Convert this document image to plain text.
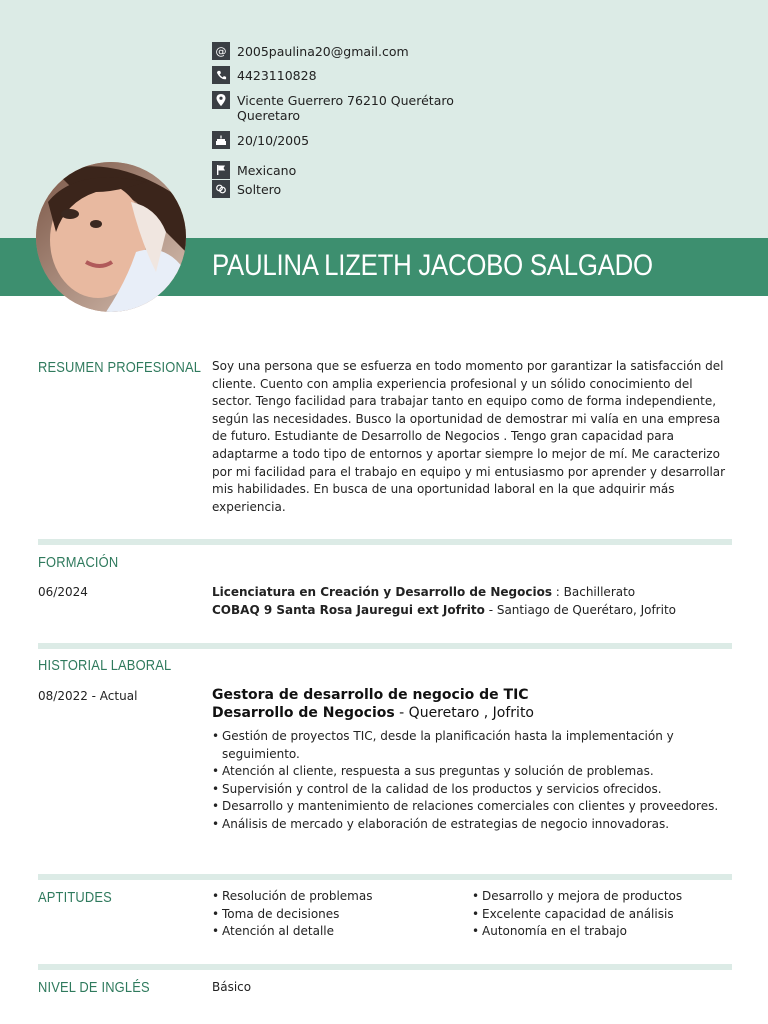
@ 2005paulina20@gmail.com
4423110828
Vicente Guerrero 76210 Querétaro
Queretaro
20/10/2005
Mexicano
Soltero
PAULINA LIZETH JACOBO SALGADO
RESUMEN PROFESIONAL Soy una persona que se esfuerza en todo momento por garantizar la satisfacción del cliente. Cuento con amplia experiencia profesional y un sólido conocimiento del sector. Tengo facilidad para trabajar tanto en equipo como de forma independiente, según las necesidades. Busco la oportunidad de demostrar mi valía en una empresa de futuro. Estudiante de Desarrollo de Negocios . Tengo gran capacidad para adaptarme a todo tipo de entornos y aportar siempre lo mejor de mí. Me caracterizo por mi facilidad para el trabajo en equipo y mi entusiasmo por aprender y desarrollar mis habilidades. En busca de una oportunidad laboral en la que adquirir más experiencia.
FORMACIÓN
06/2024	Licenciatura en Creación y Desarrollo de Negocios : Bachillerato
COBAQ 9 Santa Rosa Jauregui ext Jofrito - Santiago de Querétaro, Jofrito
HISTORIAL LABORAL
08/2022 - Actual	Gestora de desarrollo de negocio de TIC
Desarrollo de Negocios - Queretaro , Jofrito
• Gestión de proyectos TIC, desde la planificación hasta la implementación y seguimiento.
• Atención al cliente, respuesta a sus preguntas y solución de problemas.
• Supervisión y control de la calidad de los productos y servicios ofrecidos.
• Desarrollo y mantenimiento de relaciones comerciales con clientes y proveedores.
• Análisis de mercado y elaboración de estrategias de negocio innovadoras.
APTITUDES
•	Resolución de problemas
• Toma de decisiones
• Atención al detalle
• Desarrollo y mejora de productos
• Excelente capacidad de análisis
• Autonomía en el trabajo
NIVEL DE INGLÉS	Básico
